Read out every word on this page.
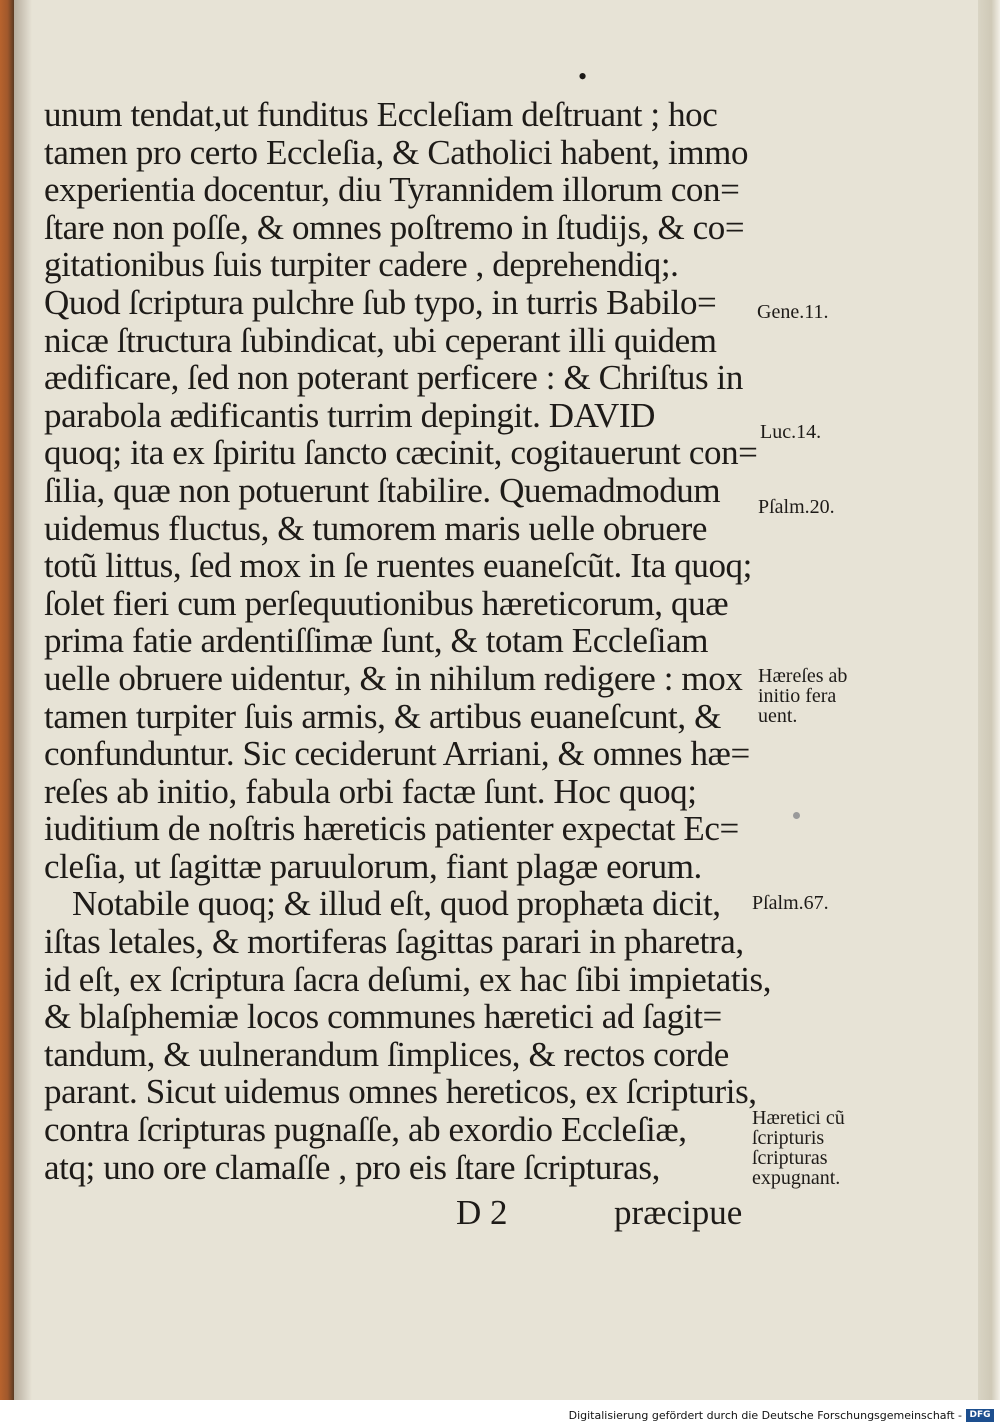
•
unum tendat,ut funditus Eccleſiam deſtruant ; hoc
tamen pro certo Eccleſia, & Catholici habent, immo
experientia docentur, diu Tyrannidem illorum con=
ſtare non poſſe, & omnes poſtremo in ſtudijs, & co=
gitationibus ſuis turpiter cadere , deprehendiq;.
Quod ſcriptura pulchre ſub typo, in turris Babilo=
nicæ ſtructura ſubindicat, ubi ceperant illi quidem
ædificare, ſed non poterant perficere : & Chriſtus in
parabola ædificantis turrim depingit. DAVID
quoq; ita ex ſpiritu ſancto cæcinit, cogitauerunt con=
ſilia, quæ non potuerunt ſtabilire. Quemadmodum
uidemus fluctus, & tumorem maris uelle obruere
totũ littus, ſed mox in ſe ruentes euaneſcũt. Ita quoq;
ſolet fieri cum perſequutionibus hæreticorum, quæ
prima fatie ardentiſſimæ ſunt, & totam Eccleſiam
uelle obruere uidentur, & in nihilum redigere : mox
tamen turpiter ſuis armis, & artibus euaneſcunt, &
confunduntur. Sic ceciderunt Arriani, & omnes hæ=
reſes ab initio, fabula orbi factæ ſunt. Hoc quoq;
iuditium de noſtris hæreticis patienter expectat Ec=
cleſia, ut ſagittæ paruulorum, fiant plagæ eorum.
Notabile quoq; & illud eſt, quod prophæta dicit,
iſtas letales, & mortiferas ſagittas parari in pharetra,
id eſt, ex ſcriptura ſacra deſumi, ex hac ſibi impietatis,
& blaſphemiæ locos communes hæretici ad ſagit=
tandum, & uulnerandum ſimplices, & rectos corde
parant. Sicut uidemus omnes hereticos, ex ſcripturis,
contra ſcripturas pugnaſſe, ab exordio Eccleſiæ,
atq; uno ore clamaſſe , pro eis ſtare ſcripturas,
D 2	præcipue
Gene.11.
Luc.14.
Pſalm.20.
Hæreſes ab
initio fera
uent.
Pſalm.67.
Hæretici cũ
ſcripturis
ſcripturas
expugnant.
Digitalisierung gefördert durch die Deutsche Forschungsgemeinschaft - DFG
